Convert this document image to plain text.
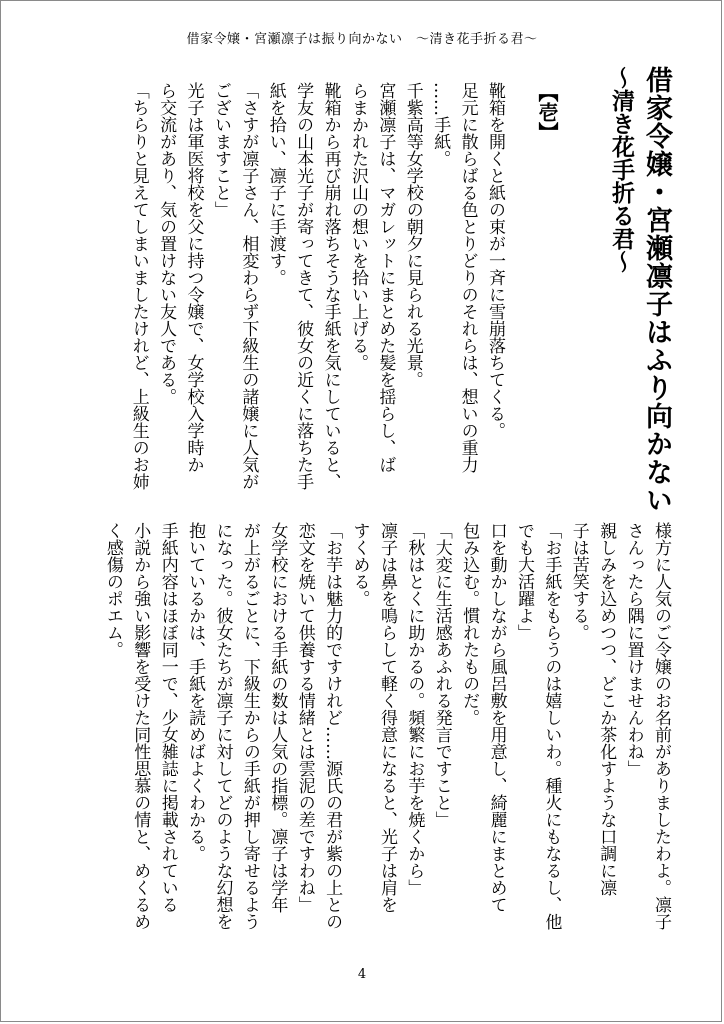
借家令嬢・宮瀬凛子は振り向かない　〜清き花手折る君〜
借家令嬢・宮瀬凛子はふり向かない
〜清き花手折る君〜
【壱】
靴箱を開くと紙の束が一斉に雪崩落ちてくる。
足元に散らばる色とりどりのそれらは、想いの重力
……手紙。
千紫高等女学校の朝夕に見られる光景。
宮瀬凛子は、マガレットにまとめた髪を揺らし、ば
らまかれた沢山の想いを拾い上げる。
靴箱から再び崩れ落ちそうな手紙を気にしていると、
学友の山本光子が寄ってきて、彼女の近くに落ちた手
紙を拾い、凛子に手渡す。
「さすが凛子さん、相変わらず下級生の諸嬢に人気が
ございますこと」
光子は軍医将校を父に持つ令嬢で、女学校入学時か
ら交流があり、気の置けない友人である。
「ちらりと見えてしまいましたけれど、上級生のお姉
様方に人気のご令嬢のお名前がありましたわよ。凛子
さんったら隅に置けませんわね」
親しみを込めつつ、どこか茶化すような口調に凛
子は苦笑する。
「お手紙をもらうのは嬉しいわ。種火にもなるし、他
でも大活躍よ」
口を動かしながら風呂敷を用意し、綺麗にまとめて
包み込む。慣れたものだ。
「大変に生活感あふれる発言ですこと」
「秋はとくに助かるの。頻繁にお芋を焼くから」
凛子は鼻を鳴らして軽く得意になると、光子は肩を
すくめる。
「お芋は魅力的ですけれど……源氏の君が紫の上との
恋文を焼いて供養する情緒とは雲泥の差ですわね」
女学校における手紙の数は人気の指標。凛子は学年
が上がるごとに、下級生からの手紙が押し寄せるよう
になった。彼女たちが凛子に対してどのような幻想を
抱いているかは、手紙を読めばよくわかる。
手紙内容はほぼ同一で、少女雑誌に掲載されている
小説から強い影響を受けた同性思慕の情と、めくるめ
く感傷のポエム。
4
